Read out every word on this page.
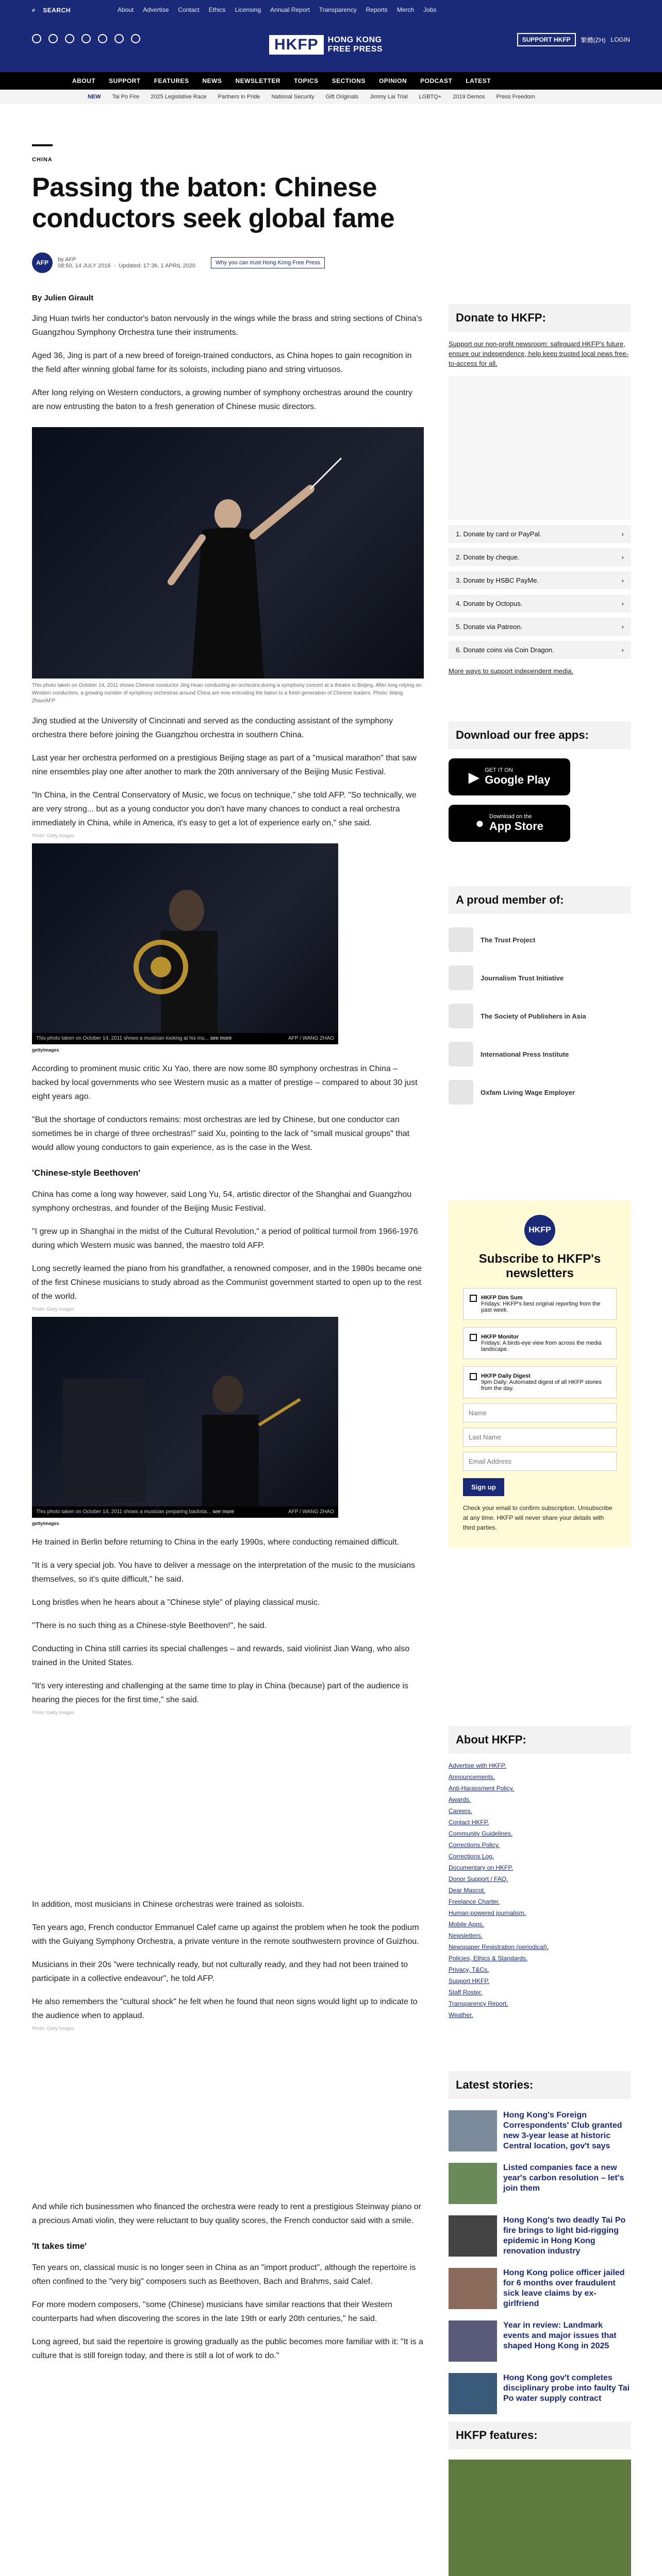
⌕ SEARCH	About Advertise Contact Ethics Licensing Annual Report Transparency Reports Merch Jobs
SUPPORT HKFP	繁體(ZH) LOGIN
HKFP	HONG KONG
FREE PRESS
ABOUT SUPPORT FEATURES NEWS NEWSLETTER TOPICS SECTIONS OPINION PODCAST LATEST
NEW Tai Po Fire 2025 Legislative Race Partners in Pride National Security Gift Originals Jimmy Lai Trial LGBTQ+ 2019 Demos Press Freedom
CHINA
Passing the baton: Chinese conductors seek global fame
AFP	by AFP
08:50, 14 JULY 2016  ·  Updated: 17:36, 1 APRIL 2020	Why you can trust Hong Kong Free Press
By Julien Girault

Jing Huan twirls her conductor's baton nervously in the wings while the brass and string sections of China's Guangzhou Symphony Orchestra tune their instruments.

Aged 36, Jing is part of a new breed of foreign-trained conductors, as China hopes to gain recognition in the field after winning global fame for its soloists, including piano and string virtuosos.

After long relying on Western conductors, a growing number of symphony orchestras around the country are now entrusting the baton to a fresh generation of Chinese music directors.

This photo taken on October 14, 2011 shows Chinese conductor Jing Huan conducting an orchestra during a symphony concert at a theatre in Beijing. After long relying on Western conductors, a growing number of symphony orchestras around China are now entrusting the baton to a fresh generation of Chinese leaders. Photo: Wang Zhao/AFP

Jing studied at the University of Cincinnati and served as the conducting assistant of the symphony orchestra there before joining the Guangzhou orchestra in southern China.

Last year her orchestra performed on a prestigious Beijing stage as part of a "musical marathon" that saw nine ensembles play one after another to mark the 20th anniversary of the Beijing Music Festival.

"In China, in the Central Conservatory of Music, we focus on technique," she told AFP. "So technically, we are very strong... but as a young conductor you don't have many chances to conduct a real orchestra immediately in China, while in America, it's easy to get a lot of experience early on," she said.

Photo: Getty Images
This photo taken on October 14, 2011 shows a musician looking at his mu... see more	AFP / WANG ZHAO
gettyimages

According to prominent music critic Xu Yao, there are now some 80 symphony orchestras in China – backed by local governments who see Western music as a matter of prestige – compared to about 30 just eight years ago.

"But the shortage of conductors remains: most orchestras are led by Chinese, but one conductor can sometimes be in charge of three orchestras!" said Xu, pointing to the lack of "small musical groups" that would allow young conductors to gain experience, as is the case in the West.

'Chinese-style Beethoven'

China has come a long way however, said Long Yu, 54, artistic director of the Shanghai and Guangzhou symphony orchestras, and founder of the Beijing Music Festival.

"I grew up in Shanghai in the midst of the Cultural Revolution," a period of political turmoil from 1966-1976 during which Western music was banned, the maestro told AFP.

Long secretly learned the piano from his grandfather, a renowned composer, and in the 1980s became one of the first Chinese musicians to study abroad as the Communist government started to open up to the rest of the world.

Photo: Getty Images
This photo taken on October 14, 2011 shows a musician preparing backsta... see more	AFP / WANG ZHAO
gettyimages

He trained in Berlin before returning to China in the early 1990s, where conducting remained difficult.

"It is a very special job. You have to deliver a message on the interpretation of the music to the musicians themselves, so it's quite difficult," he said.

Long bristles when he hears about a "Chinese style" of playing classical music.

"There is no such thing as a Chinese-style Beethoven!", he said.

Conducting in China still carries its special challenges – and rewards, said violinist Jian Wang, who also trained in the United States.

"It's very interesting and challenging at the same time to play in China (because) part of the audience is hearing the pieces for the first time," she said.

Photo: Getty Images

In addition, most musicians in Chinese orchestras were trained as soloists.

Ten years ago, French conductor Emmanuel Calef came up against the problem when he took the podium with the Guiyang Symphony Orchestra, a private venture in the remote southwestern province of Guizhou.

Musicians in their 20s "were technically ready, but not culturally ready, and they had not been trained to participate in a collective endeavour", he told AFP.

He also remembers the "cultural shock" he felt when he found that neon signs would light up to indicate to the audience when to applaud.

Photo: Getty Images

And while rich businessmen who financed the orchestra were ready to rent a prestigious Steinway piano or a precious Amati violin, they were reluctant to buy quality scores, the French conductor said with a smile.

'It takes time'

Ten years on, classical music is no longer seen in China as an "import product", although the repertoire is often confined to the "very big" composers such as Beethoven, Bach and Brahms, said Calef.

For more modern composers, "some (Chinese) musicians have similar reactions that their Western counterparts had when discovering the scores in the late 19th or early 20th centuries," he said.

Long agreed, but said the repertoire is growing gradually as the public becomes more familiar with it: "It is a culture that is still foreign today, and there is still a lot of work to do."

Donate to HKFP:
Support our non-profit newsroom: safeguard HKFP's future, ensure our independence, help keep trusted local news free-to-access for all.
1. Donate by card or PayPal.	›
2. Donate by cheque.	›
3. Donate by HSBC PayMe.	›
4. Donate by Octopus.	›
5. Donate via Patreon.	›
6. Donate coins via Coin Dragon.	›
More ways to support independent media.
Download our free apps:
▶ GET IT ON
Google Play
● Download on the
App Store
A proud member of:
The Trust Project
Journalism Trust Initiative
The Society of Publishers in Asia
International Press Institute
Oxfam Living Wage Employer
HKFP
Subscribe to HKFP's newsletters
HKFP Dim Sum
Fridays: HKFP's best original reporting from the past week.
HKFP Monitor
Fridays: A birds-eye view from across the media landscape.
HKFP Daily Digest
9pm Daily: Automated digest of all HKFP stories from the day.
Name Last Name Email Address Sign up
Check your email to confirm subscription. Unsubscribe at any time. HKFP will never share your details with third parties.
About HKFP:
Advertise with HKFP.
Announcements.
Anti-Harassment Policy.
Awards.
Careers.
Contact HKFP.
Community Guidelines.
Corrections Policy.
Corrections Log.
Documentary on HKFP.
Donor Support / FAQ.
Dear Mascot.
Freelance Charter.
Human-powered journalism.
Mobile Apps.
Newsletters.
Newspaper Registration (periodical).
Policies, Ethics & Standards.
Privacy, T&Cs.
Support HKFP.
Staff Roster.
Transparency Report.
Weather.
Latest stories:
Hong Kong's Foreign Correspondents' Club granted new 3-year lease at historic Central location, gov't says
Listed companies face a new year's carbon resolution – let's join them
Hong Kong's two deadly Tai Po fire brings to light bid-rigging epidemic in Hong Kong renovation industry
Hong Kong police officer jailed for 6 months over fraudulent sick leave claims by ex-girlfriend
Year in review: Landmark events and major issues that shaped Hong Kong in 2025
Hong Kong gov't completes disciplinary probe into faulty Tai Po water supply contract
HKFP features:
